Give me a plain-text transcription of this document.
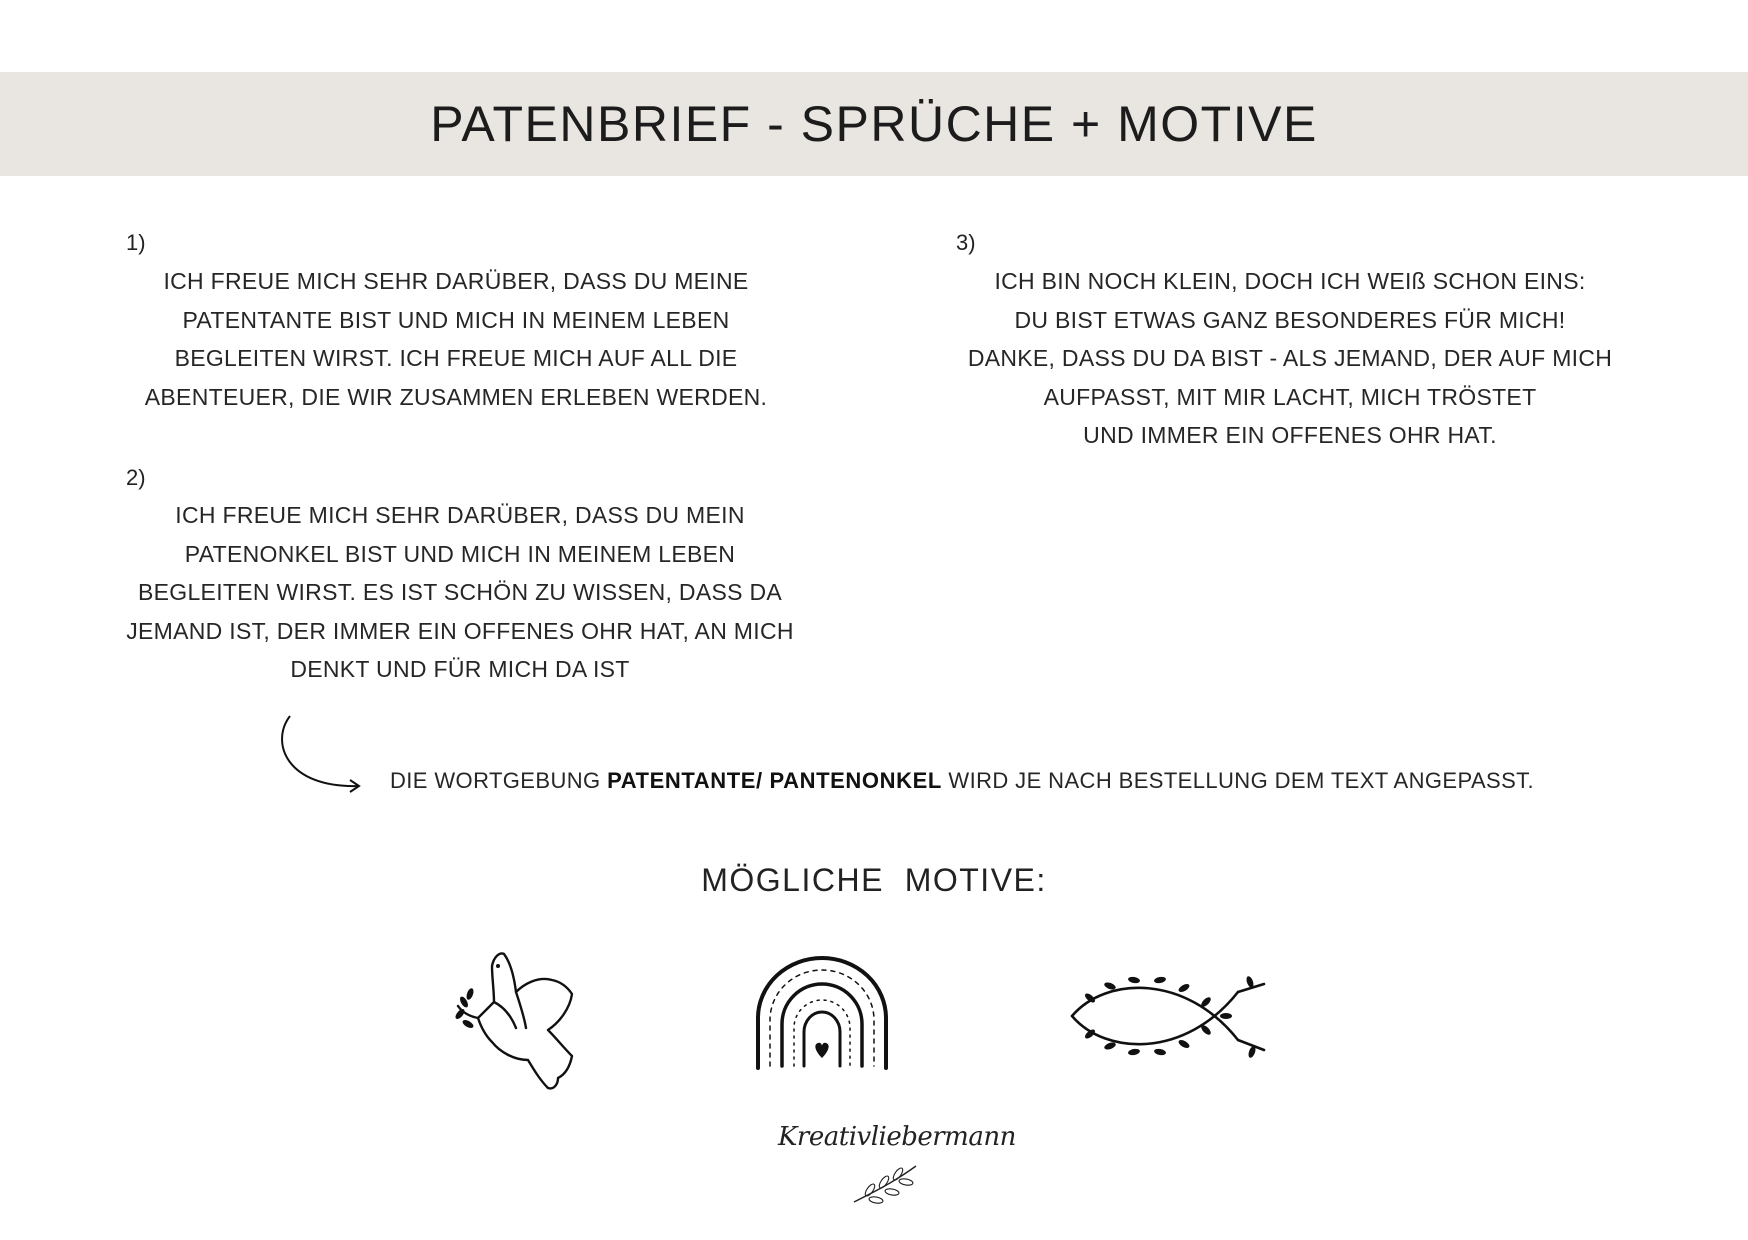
PATENBRIEF - SPRÜCHE + MOTIVE
1)
ICH FREUE MICH SEHR DARÜBER, DASS DU MEINE
PATENTANTE BIST UND MICH IN MEINEM LEBEN
BEGLEITEN WIRST. ICH FREUE MICH AUF ALL DIE
ABENTEUER, DIE WIR ZUSAMMEN ERLEBEN WERDEN.
2)
ICH FREUE MICH SEHR DARÜBER, DASS DU MEIN
PATENONKEL BIST UND MICH IN MEINEM LEBEN
BEGLEITEN WIRST. ES IST SCHÖN ZU WISSEN, DASS DA
JEMAND IST, DER IMMER EIN OFFENES OHR HAT, AN MICH
DENKT UND FÜR MICH DA IST
3)
ICH BIN NOCH KLEIN, DOCH ICH WEIß SCHON EINS:
DU BIST ETWAS GANZ BESONDERES FÜR MICH!
DANKE, DASS DU DA BIST - ALS JEMAND, DER AUF MICH
AUFPASST, MIT MIR LACHT, MICH TRÖSTET
UND IMMER EIN OFFENES OHR HAT.
DIE WORTGEBUNG PATENTANTE/ PANTENONKEL WIRD JE NACH BESTELLUNG DEM TEXT ANGEPASST.
MÖGLICHE  MOTIVE:
Kreativliebermann
